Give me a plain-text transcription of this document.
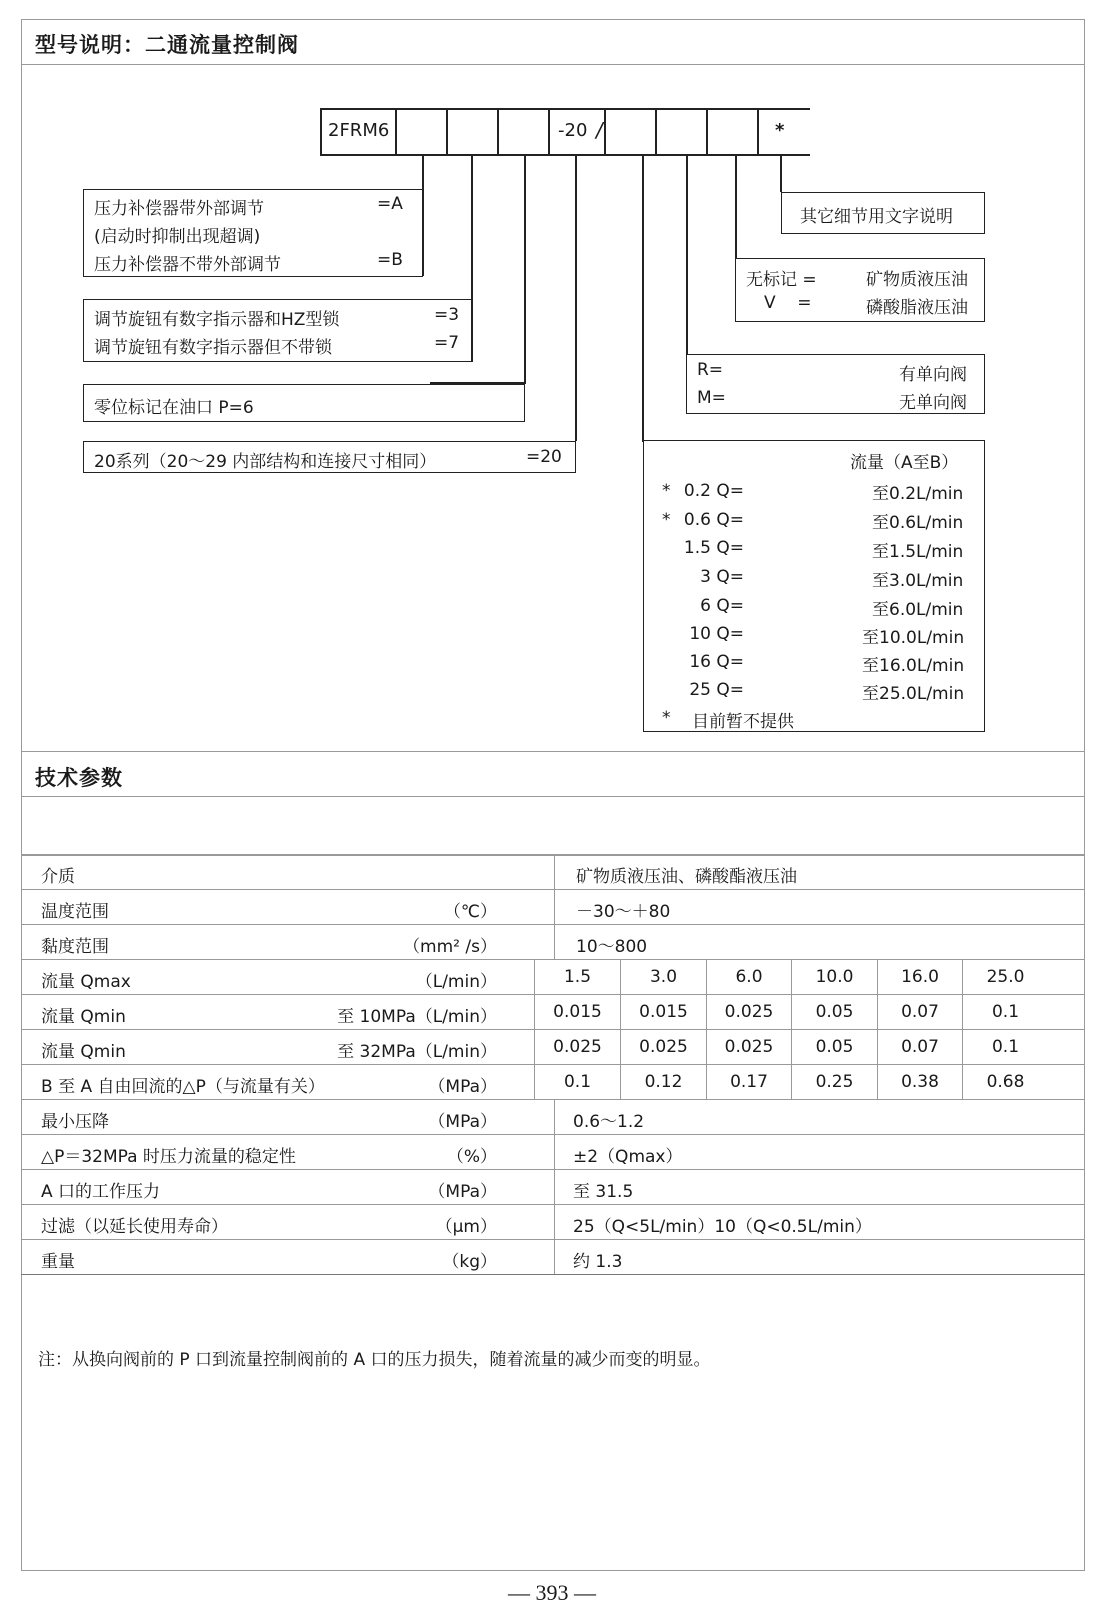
型号说明：二通流量控制阀
2FRM6	-20 /	*
压力补偿器带外部调节	=A
(启动时抑制出现超调)
压力补偿器不带外部调节	=B
调节旋钮有数字指示器和HZ型锁	=3
调节旋钮有数字指示器但不带锁	=7
零位标记在油口 P=6
20系列（20～29 内部结构和连接尺寸相同）	=20
其它细节用文字说明
无标记 =	矿物质液压油
V    =	磷酸脂液压油
R=	有单向阀
M=	无单向阀
流量（A至B）
* 0.2 Q=	至0.2L/min
* 0.6 Q=	至0.6L/min
1.5 Q=	至1.5L/min
3 Q=	至3.0L/min
6 Q=	至6.0L/min
10 Q=	至10.0L/min
16 Q=	至16.0L/min
25 Q=	至25.0L/min
* 目前暂不提供
技术参数
介质	矿物质液压油、磷酸酯液压油
温度范围	（℃）	－30～＋80
黏度范围	（mm² /s）	10～800
流量 Qmax	（L/min）	1.5	3.0	6.0	10.0	16.0	25.0
流量 Qmin	至 10MPa（L/min）	0.015	0.015	0.025	0.05	0.07	0.1
流量 Qmin	至 32MPa（L/min）	0.025	0.025	0.025	0.05	0.07	0.1
B 至 A 自由回流的△P（与流量有关）	（MPa）	0.1	0.12	0.17	0.25	0.38	0.68
最小压降	（MPa）	0.6～1.2
△P＝32MPa 时压力流量的稳定性	（%）	±2（Qmax）
A 口的工作压力	（MPa）	至 31.5
过滤（以延长使用寿命）	（μm）	25（Q<5L/min）10（Q<0.5L/min）
重量	（kg）	约 1.3
注：从换向阀前的 P 口到流量控制阀前的 A 口的压力损失，随着流量的减少而变的明显。
— 393 —
